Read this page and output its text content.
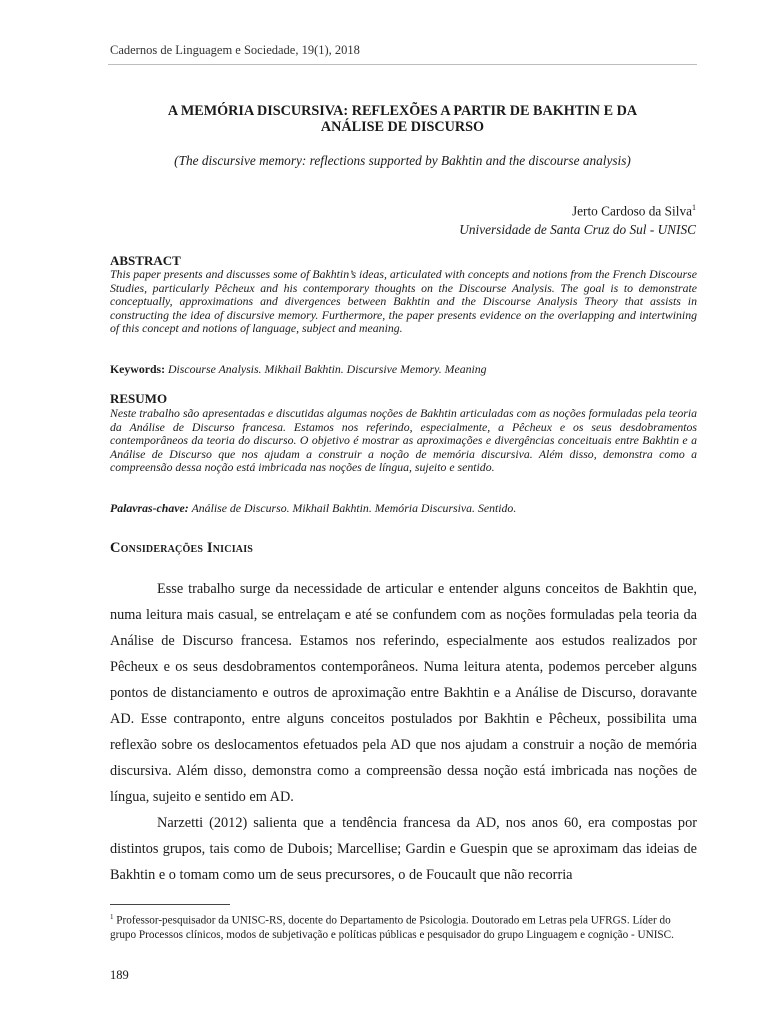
Cadernos de Linguagem e Sociedade, 19(1), 2018
A MEMÓRIA DISCURSIVA: REFLEXÕES A PARTIR DE BAKHTIN E DA
ANÁLISE DE DISCURSO
(The discursive memory: reflections supported by Bakhtin and the discourse analysis)
Jerto Cardoso da Silva$^1$
Universidade de Santa Cruz do Sul - UNISC
ABSTRACT
This paper presents and discusses some of Bakhtin’s ideas, articulated with concepts and notions from the French Discourse Studies, particularly Pêcheux and his contemporary thoughts on the Discourse Analysis. The goal is to demonstrate conceptually, approximations and divergences between Bakhtin and the Discourse Analysis Theory that assists in constructing the idea of discursive memory. Furthermore, the paper presents evidence on the overlapping and intertwining of this concept and notions of language, subject and meaning.
Keywords: Discourse Analysis. Mikhail Bakhtin. Discursive Memory. Meaning
RESUMO
Neste trabalho são apresentadas e discutidas algumas noções de Bakhtin articuladas com as noções formuladas pela teoria da Análise de Discurso francesa. Estamos nos referindo, especialmente, a Pêcheux e os seus desdobramentos contemporâneos da teoria do discurso. O objetivo é mostrar as aproximações e divergências conceituais entre Bakhtin e a Análise de Discurso que nos ajudam a construir a noção de memória discursiva. Além disso, demonstra como a compreensão dessa noção está imbricada nas noções de língua, sujeito e sentido.
Palavras-chave: Análise de Discurso. Mikhail Bakhtin. Memória Discursiva. Sentido.
Considerações Iniciais

Esse trabalho surge da necessidade de articular e entender alguns conceitos de Bakhtin que, numa leitura mais casual, se entrelaçam e até se confundem com as noções formuladas pela teoria da Análise de Discurso francesa. Estamos nos referindo, especialmente aos estudos realizados por Pêcheux e os seus desdobramentos contemporâneos. Numa leitura atenta, podemos perceber alguns pontos de distanciamento e outros de aproximação entre Bakhtin e a Análise de Discurso, doravante AD. Esse contraponto, entre alguns conceitos postulados por Bakhtin e Pêcheux, possibilita uma reflexão sobre os deslocamentos efetuados pela AD que nos ajudam a construir a noção de memória discursiva. Além disso, demonstra como a compreensão dessa noção está imbricada nas noções de língua, sujeito e sentido em AD.

Narzetti (2012) salienta que a tendência francesa da AD, nos anos 60, era compostas por distintos grupos, tais como de Dubois; Marcellise; Gardin e Guespin que se aproximam das ideias de Bakhtin e o tomam como um de seus precursores, o de Foucault que não recorria

$^1$ Professor-pesquisador da UNISC-RS, docente do Departamento de Psicologia. Doutorado em Letras pela UFRGS. Líder do grupo Processos clínicos, modos de subjetivação e políticas públicas e pesquisador do grupo Linguagem e cognição - UNISC.
189
